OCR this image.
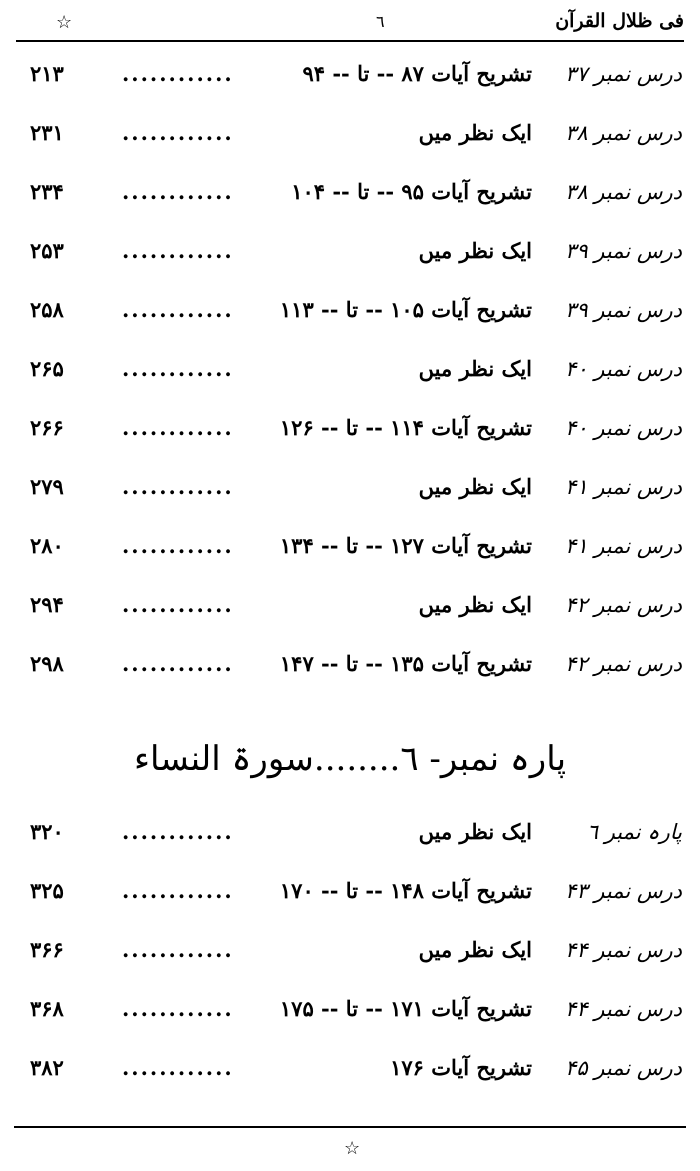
☆	٦	فی ظلال القرآن
۲۱۳	............	تشریح آیات ۸۷ -- تا -- ۹۴	درس نمبر ۳۷
۲۳۱	............	ایک نظر میں	درس نمبر ۳۸
۲۳۴	............	تشریح آیات ۹۵ -- تا -- ۱۰۴	درس نمبر ۳۸
۲۵۳	............	ایک نظر میں	درس نمبر ۳۹
۲۵۸	............ تشریح آیات ۱۰۵ -- تا -- ۱۱۳	درس نمبر ۳۹
۲۶۵	............	ایک نظر میں	درس نمبر ۴۰
۲۶۶	............ تشریح آیات ۱۱۴ -- تا -- ۱۲۶	درس نمبر ۴۰
۲۷۹	............	ایک نظر میں	درس نمبر ۴۱
۲۸۰	............ تشریح آیات ۱۲۷ -- تا -- ۱۳۴	درس نمبر ۴۱
۲۹۴	............	ایک نظر میں	درس نمبر ۴۲
۲۹۸	............ تشریح آیات ۱۳۵ -- تا -- ۱۴۷	درس نمبر ۴۲
پارہ نمبر- ٦........سورۃ النساء
۳۲۰	............	ایک نظر میں	پارہ نمبر ٦
۳۲۵	............ تشریح آیات ۱۴۸ -- تا -- ۱۷۰	درس نمبر ۴۳
۳۶۶	............	ایک نظر میں	درس نمبر ۴۴
۳۶۸	............ تشریح آیات ۱۷۱ -- تا -- ۱۷۵	درس نمبر ۴۴
۳۸۲	............	تشریح آیات ۱۷۶	درس نمبر ۴۵
☆
